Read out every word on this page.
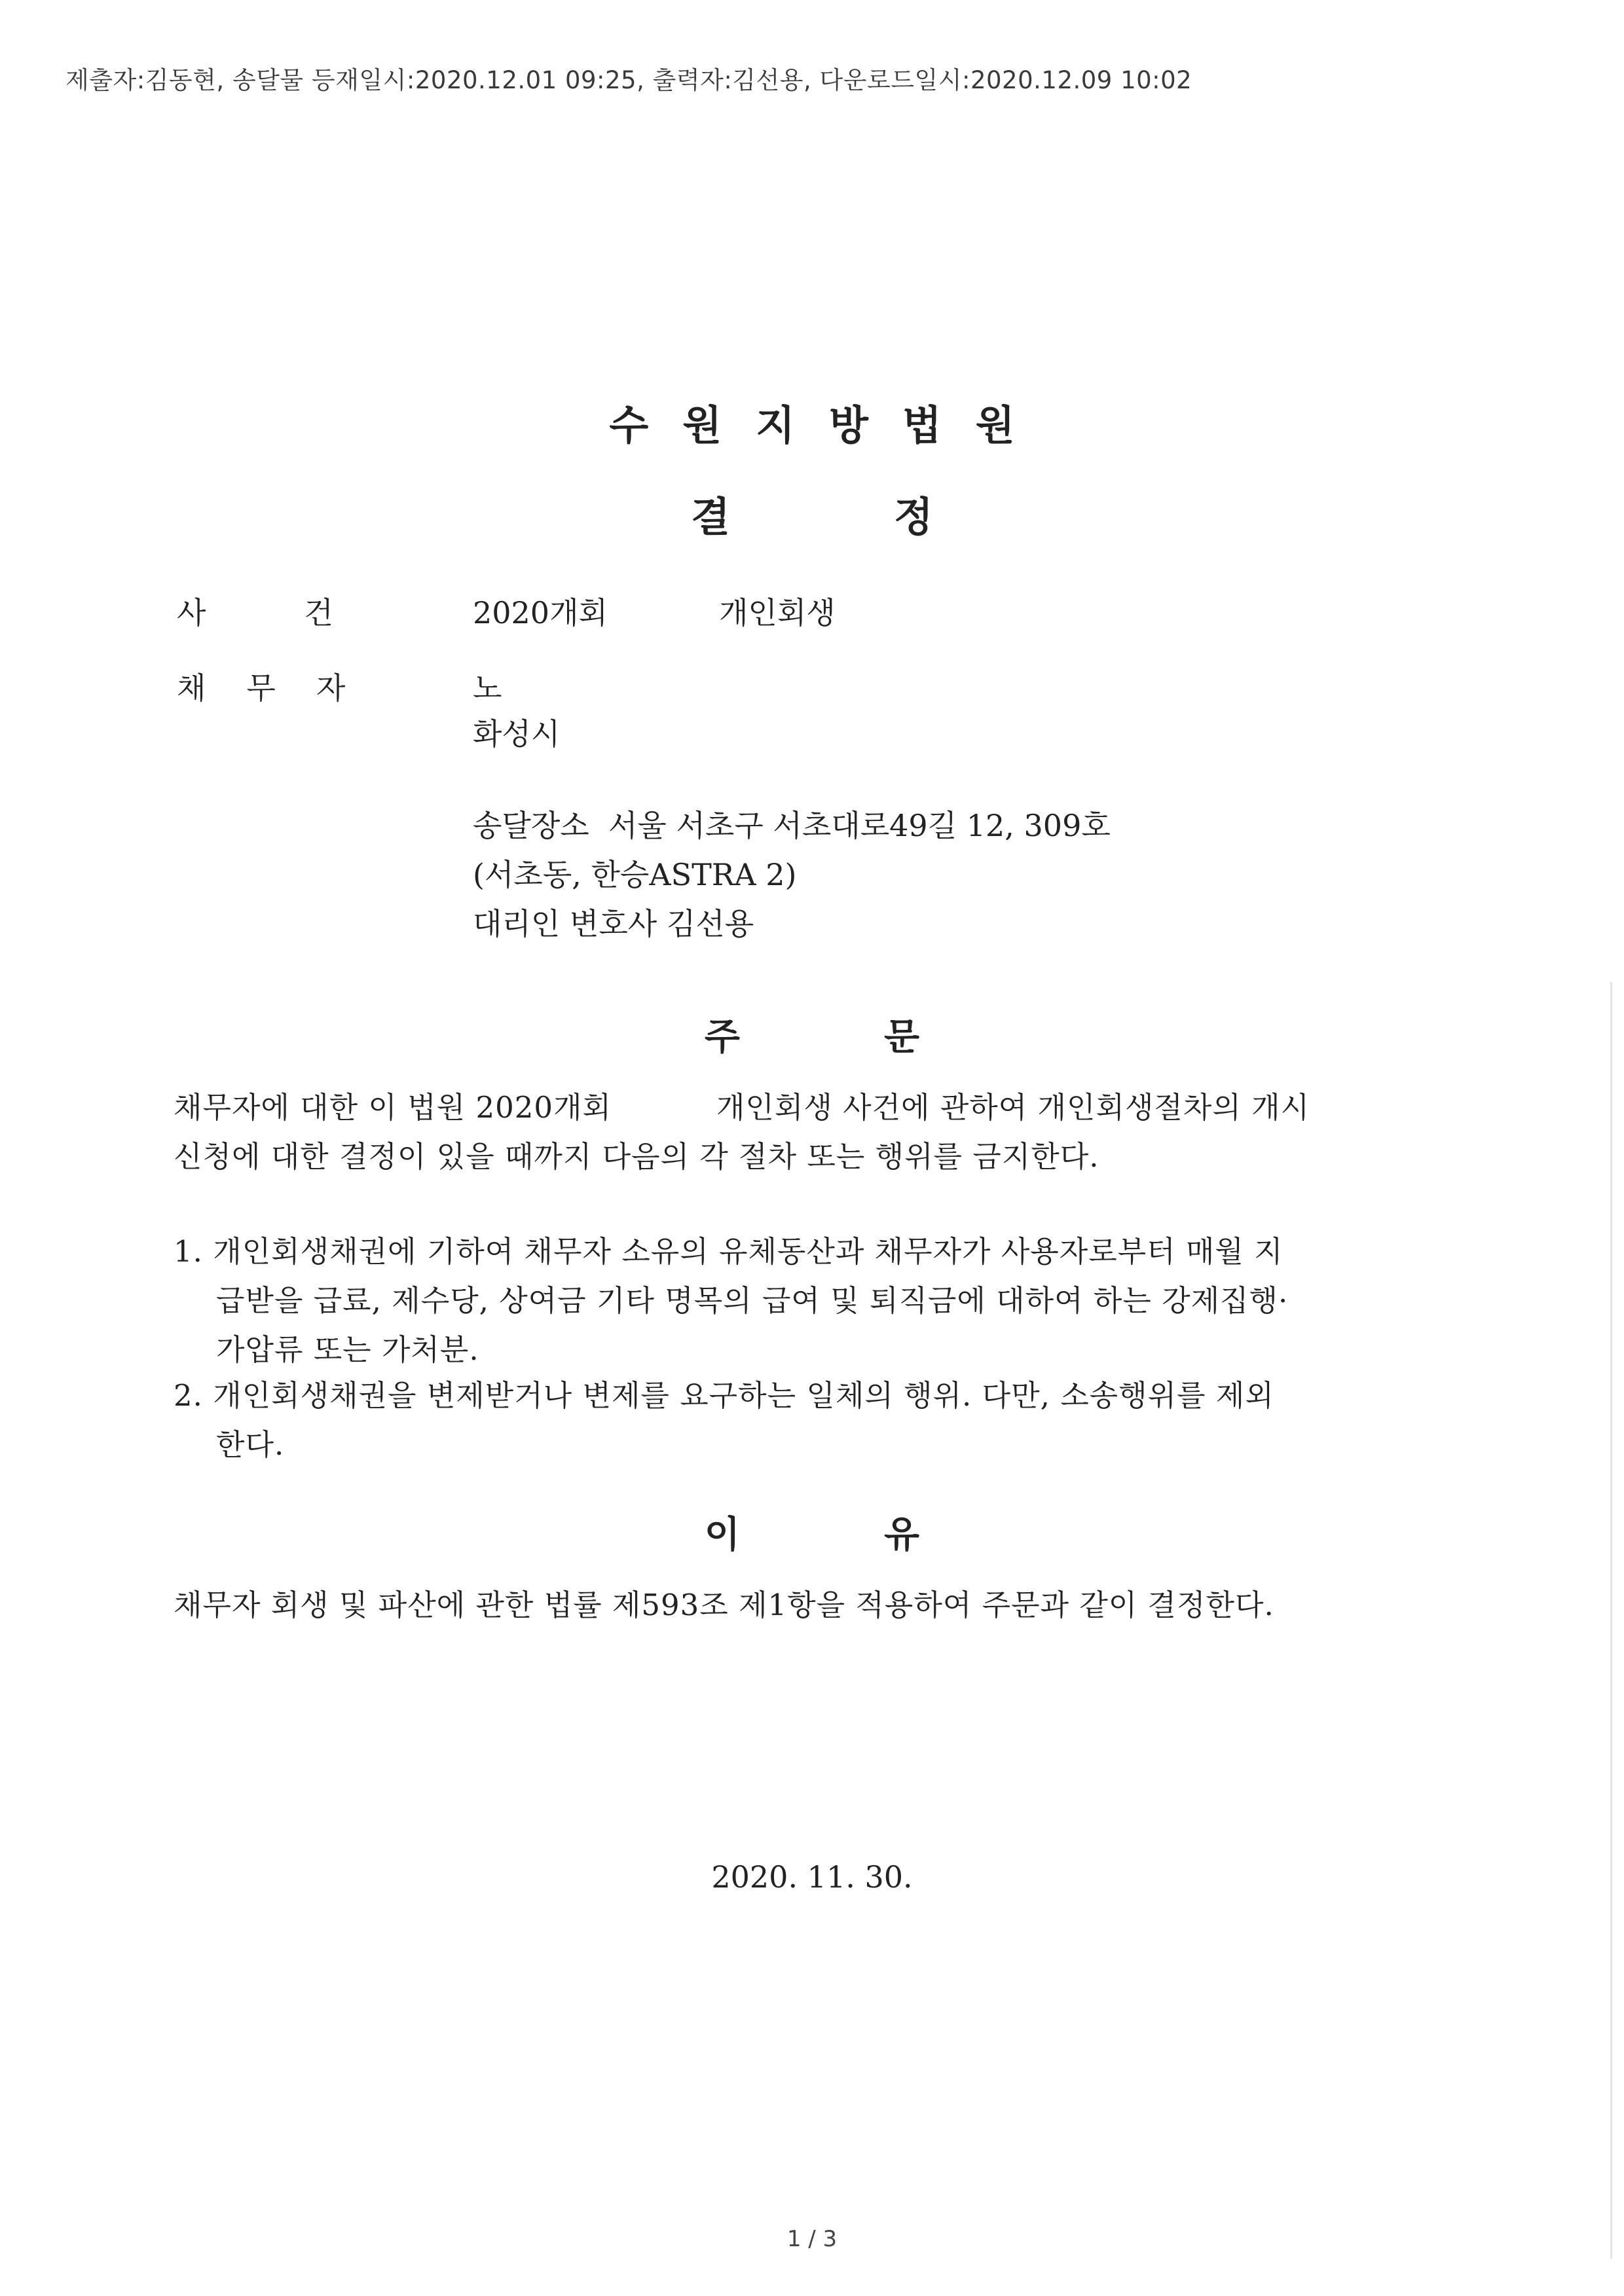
제출자:김동현, 송달물 등재일시:2020.12.01 09:25, 출력자:김선용, 다운로드일시:2020.12.09 10:02
수원지방법원
결정
사건 2020개회	개인회생
채무자	노
화성시
송달장소 서울 서초구 서초대로49길 12, 309호
(서초동, 한승ASTRA 2)
대리인 변호사 김선용
주문
채무자에 대한 이 법원 2020개회	개인회생 사건에 관하여 개인회생절차의 개시
신청에 대한 결정이 있을 때까지 다음의 각 절차 또는 행위를 금지한다.
1. 개인회생채권에 기하여 채무자 소유의 유체동산과 채무자가 사용자로부터 매월 지
급받을 급료, 제수당, 상여금 기타 명목의 급여 및 퇴직금에 대하여 하는 강제집행·
가압류 또는 가처분.
2. 개인회생채권을 변제받거나 변제를 요구하는 일체의 행위. 다만, 소송행위를 제외
한다.
이유
채무자 회생 및 파산에 관한 법률 제593조 제1항을 적용하여 주문과 같이 결정한다.
2020. 11. 30.
1 / 3
